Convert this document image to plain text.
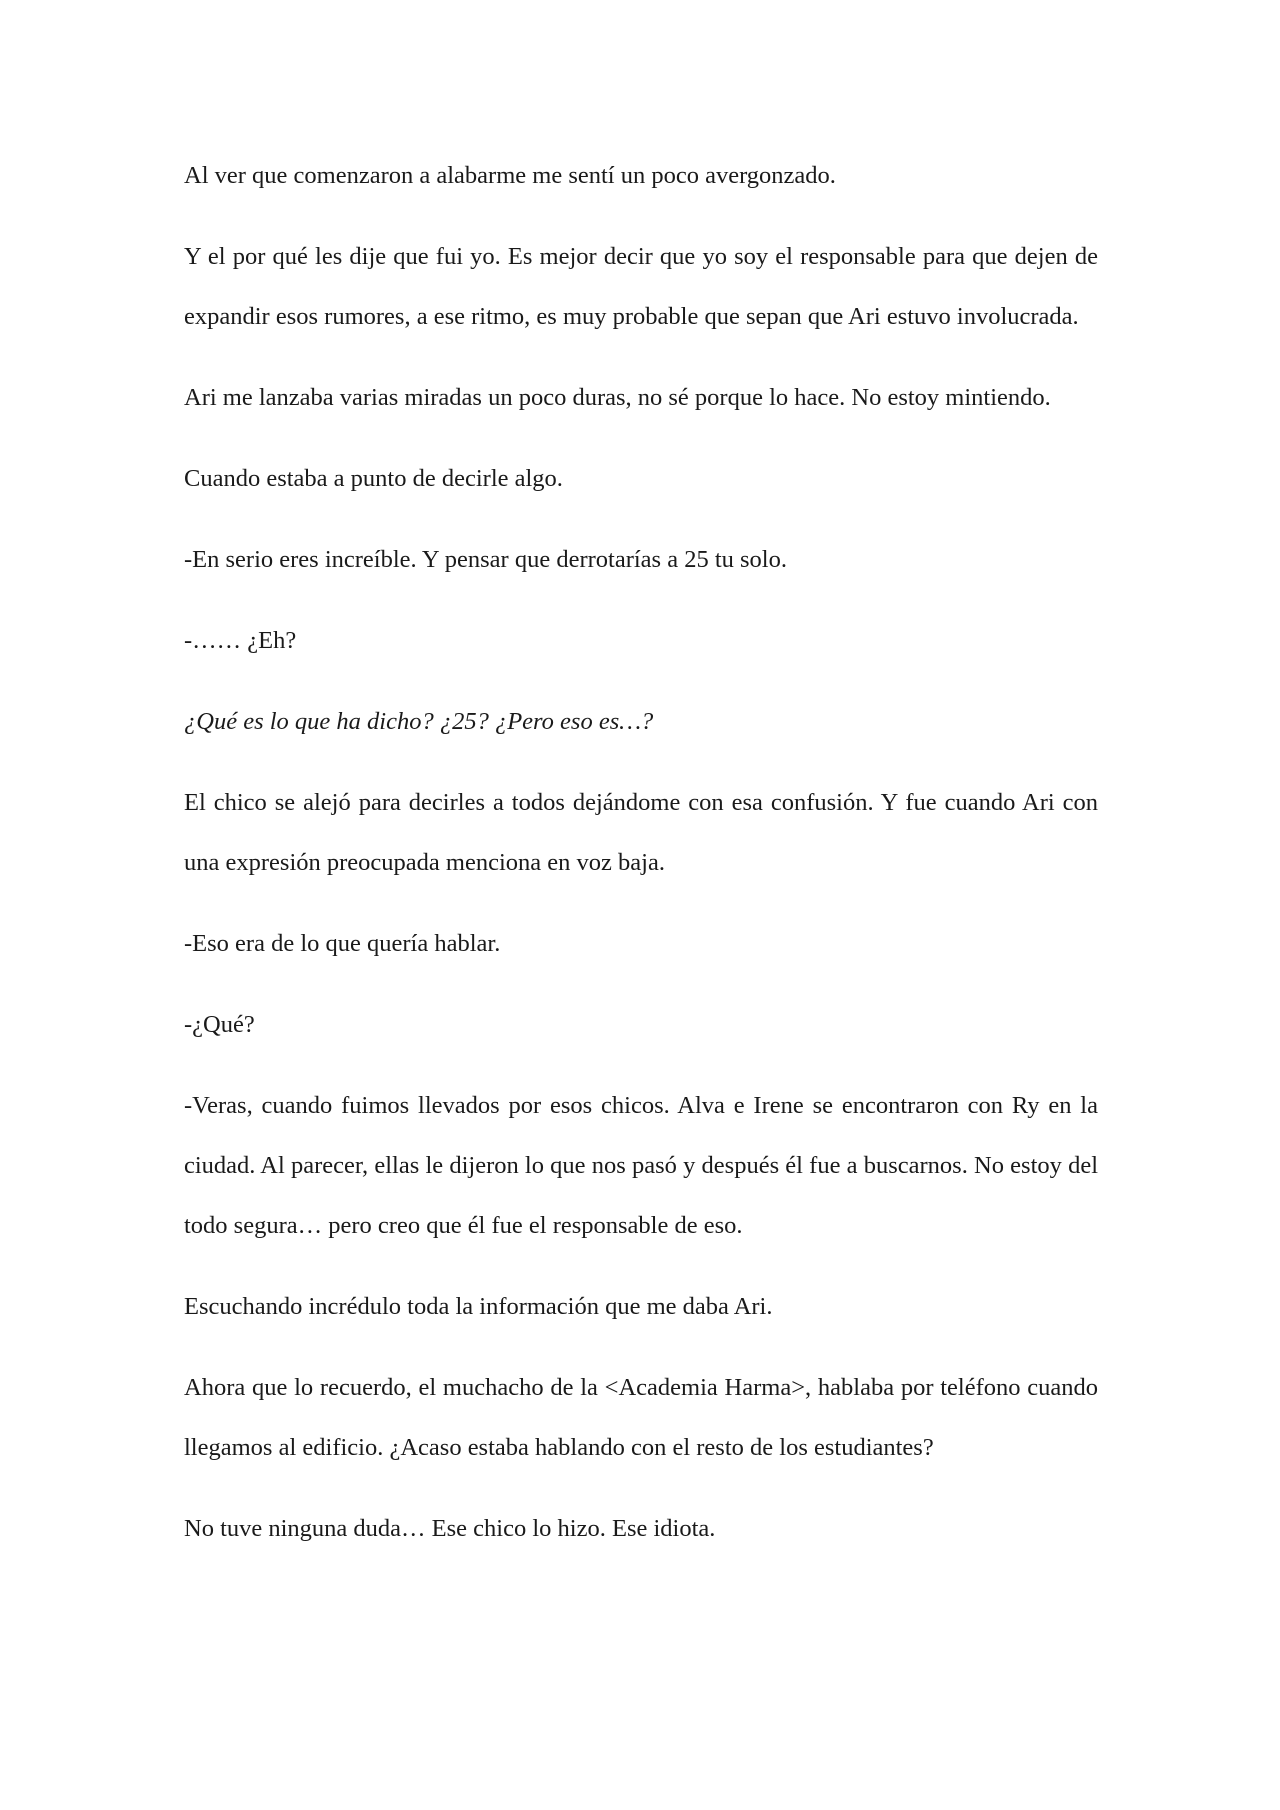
Al ver que comenzaron a alabarme me sentí un poco avergonzado.

Y el por qué les dije que fui yo. Es mejor decir que yo soy el responsable para que dejen de expandir esos rumores, a ese ritmo, es muy probable que sepan que Ari estuvo involucrada.

Ari me lanzaba varias miradas un poco duras, no sé porque lo hace. No estoy mintiendo.

Cuando estaba a punto de decirle algo.

-En serio eres increíble. Y pensar que derrotarías a 25 tu solo.

-…… ¿Eh?

¿Qué es lo que ha dicho? ¿25? ¿Pero eso es…?

El chico se alejó para decirles a todos dejándome con esa confusión. Y fue cuando Ari con una expresión preocupada menciona en voz baja.

-Eso era de lo que quería hablar.

-¿Qué?

-Veras, cuando fuimos llevados por esos chicos. Alva e Irene se encontraron con Ry en la ciudad. Al parecer, ellas le dijeron lo que nos pasó y después él fue a buscarnos. No estoy del todo segura… pero creo que él fue el responsable de eso.

Escuchando incrédulo toda la información que me daba Ari.

Ahora que lo recuerdo, el muchacho de la <Academia Harma>, hablaba por teléfono cuando llegamos al edificio. ¿Acaso estaba hablando con el resto de los estudiantes?

No tuve ninguna duda… Ese chico lo hizo. Ese idiota.
